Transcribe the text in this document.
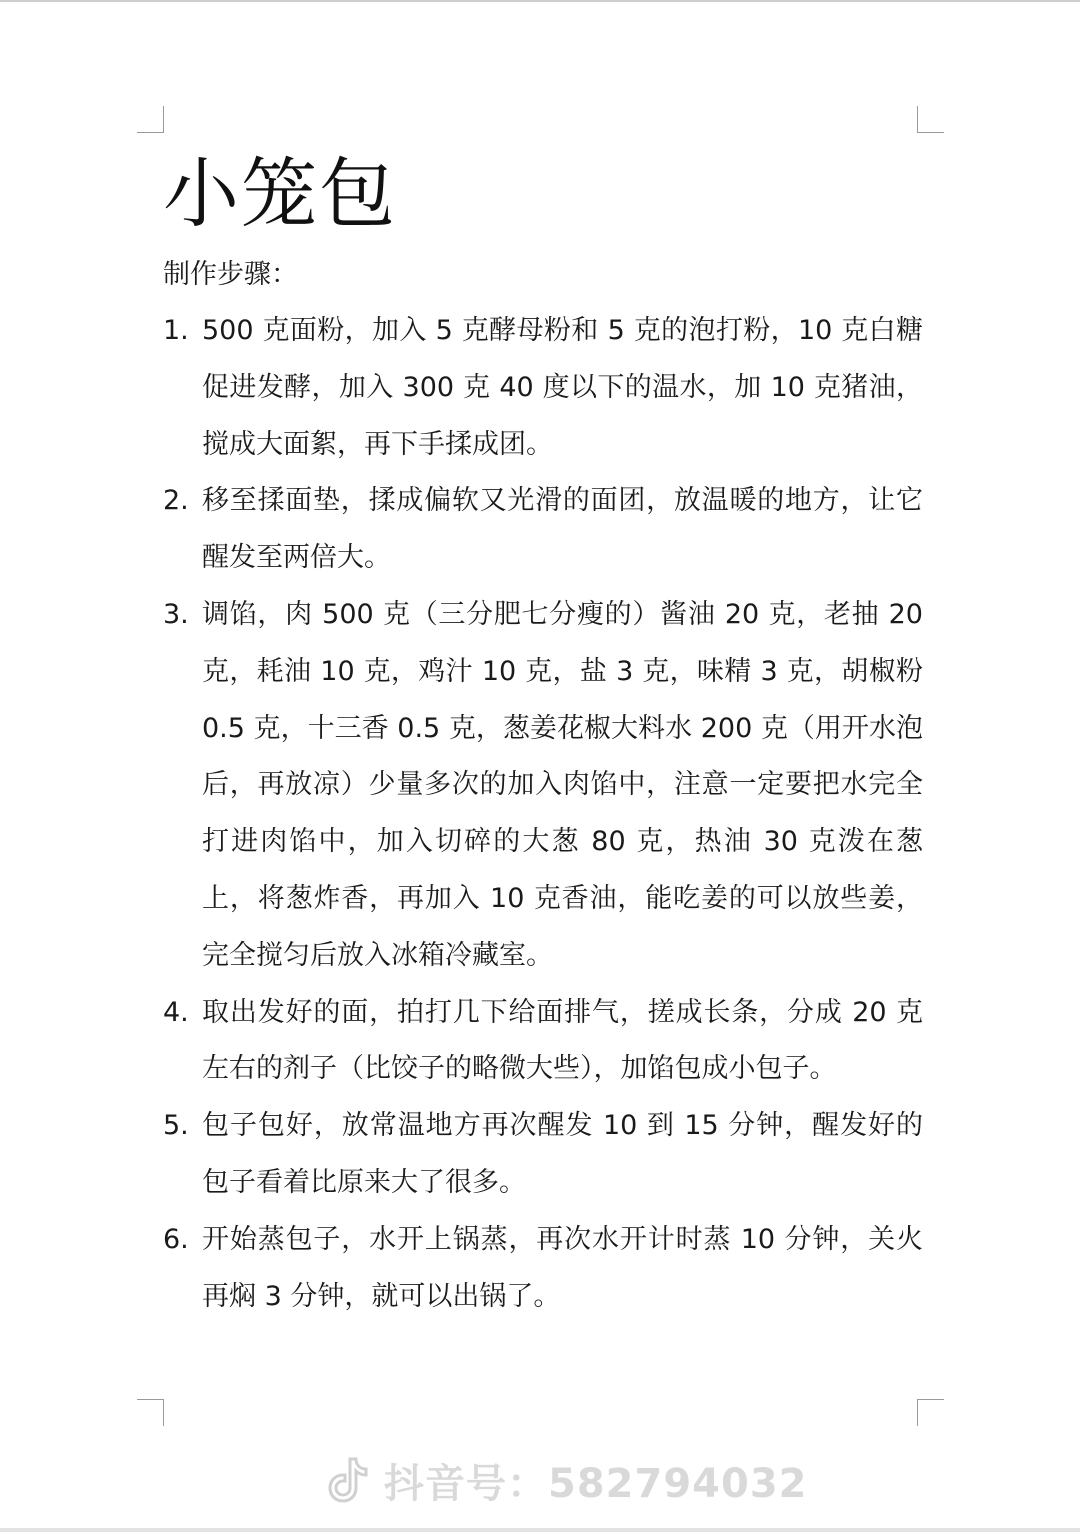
小笼包
制作步骤：
1. 500 克面粉，加入 5 克酵母粉和 5 克的泡打粉，10 克白糖促进发酵，加入 300 克 40 度以下的温水，加 10 克猪油，搅成大面絮，再下手揉成团。
2. 移至揉面垫，揉成偏软又光滑的面团，放温暖的地方，让它醒发至两倍大。
3. 调馅，肉 500 克（三分肥七分瘦的）酱油 20 克，老抽 20 克，耗油 10 克，鸡汁 10 克，盐 3 克，味精 3 克，胡椒粉 0.5 克，十三香 0.5 克，葱姜花椒大料水 200 克（用开水泡后，再放凉）少量多次的加入肉馅中，注意一定要把水完全打进肉馅中，加入切碎的大葱 80 克，热油 30 克泼在葱上，将葱炸香，再加入 10 克香油，能吃姜的可以放些姜，完全搅匀后放入冰箱冷藏室。
4. 取出发好的面，拍打几下给面排气，搓成长条，分成 20 克左右的剂子（比饺子的略微大些），加馅包成小包子。
5. 包子包好，放常温地方再次醒发 10 到 15 分钟，醒发好的包子看着比原来大了很多。
6. 开始蒸包子，水开上锅蒸，再次水开计时蒸 10 分钟，关火再焖 3 分钟，就可以出锅了。
抖音号：582794032
